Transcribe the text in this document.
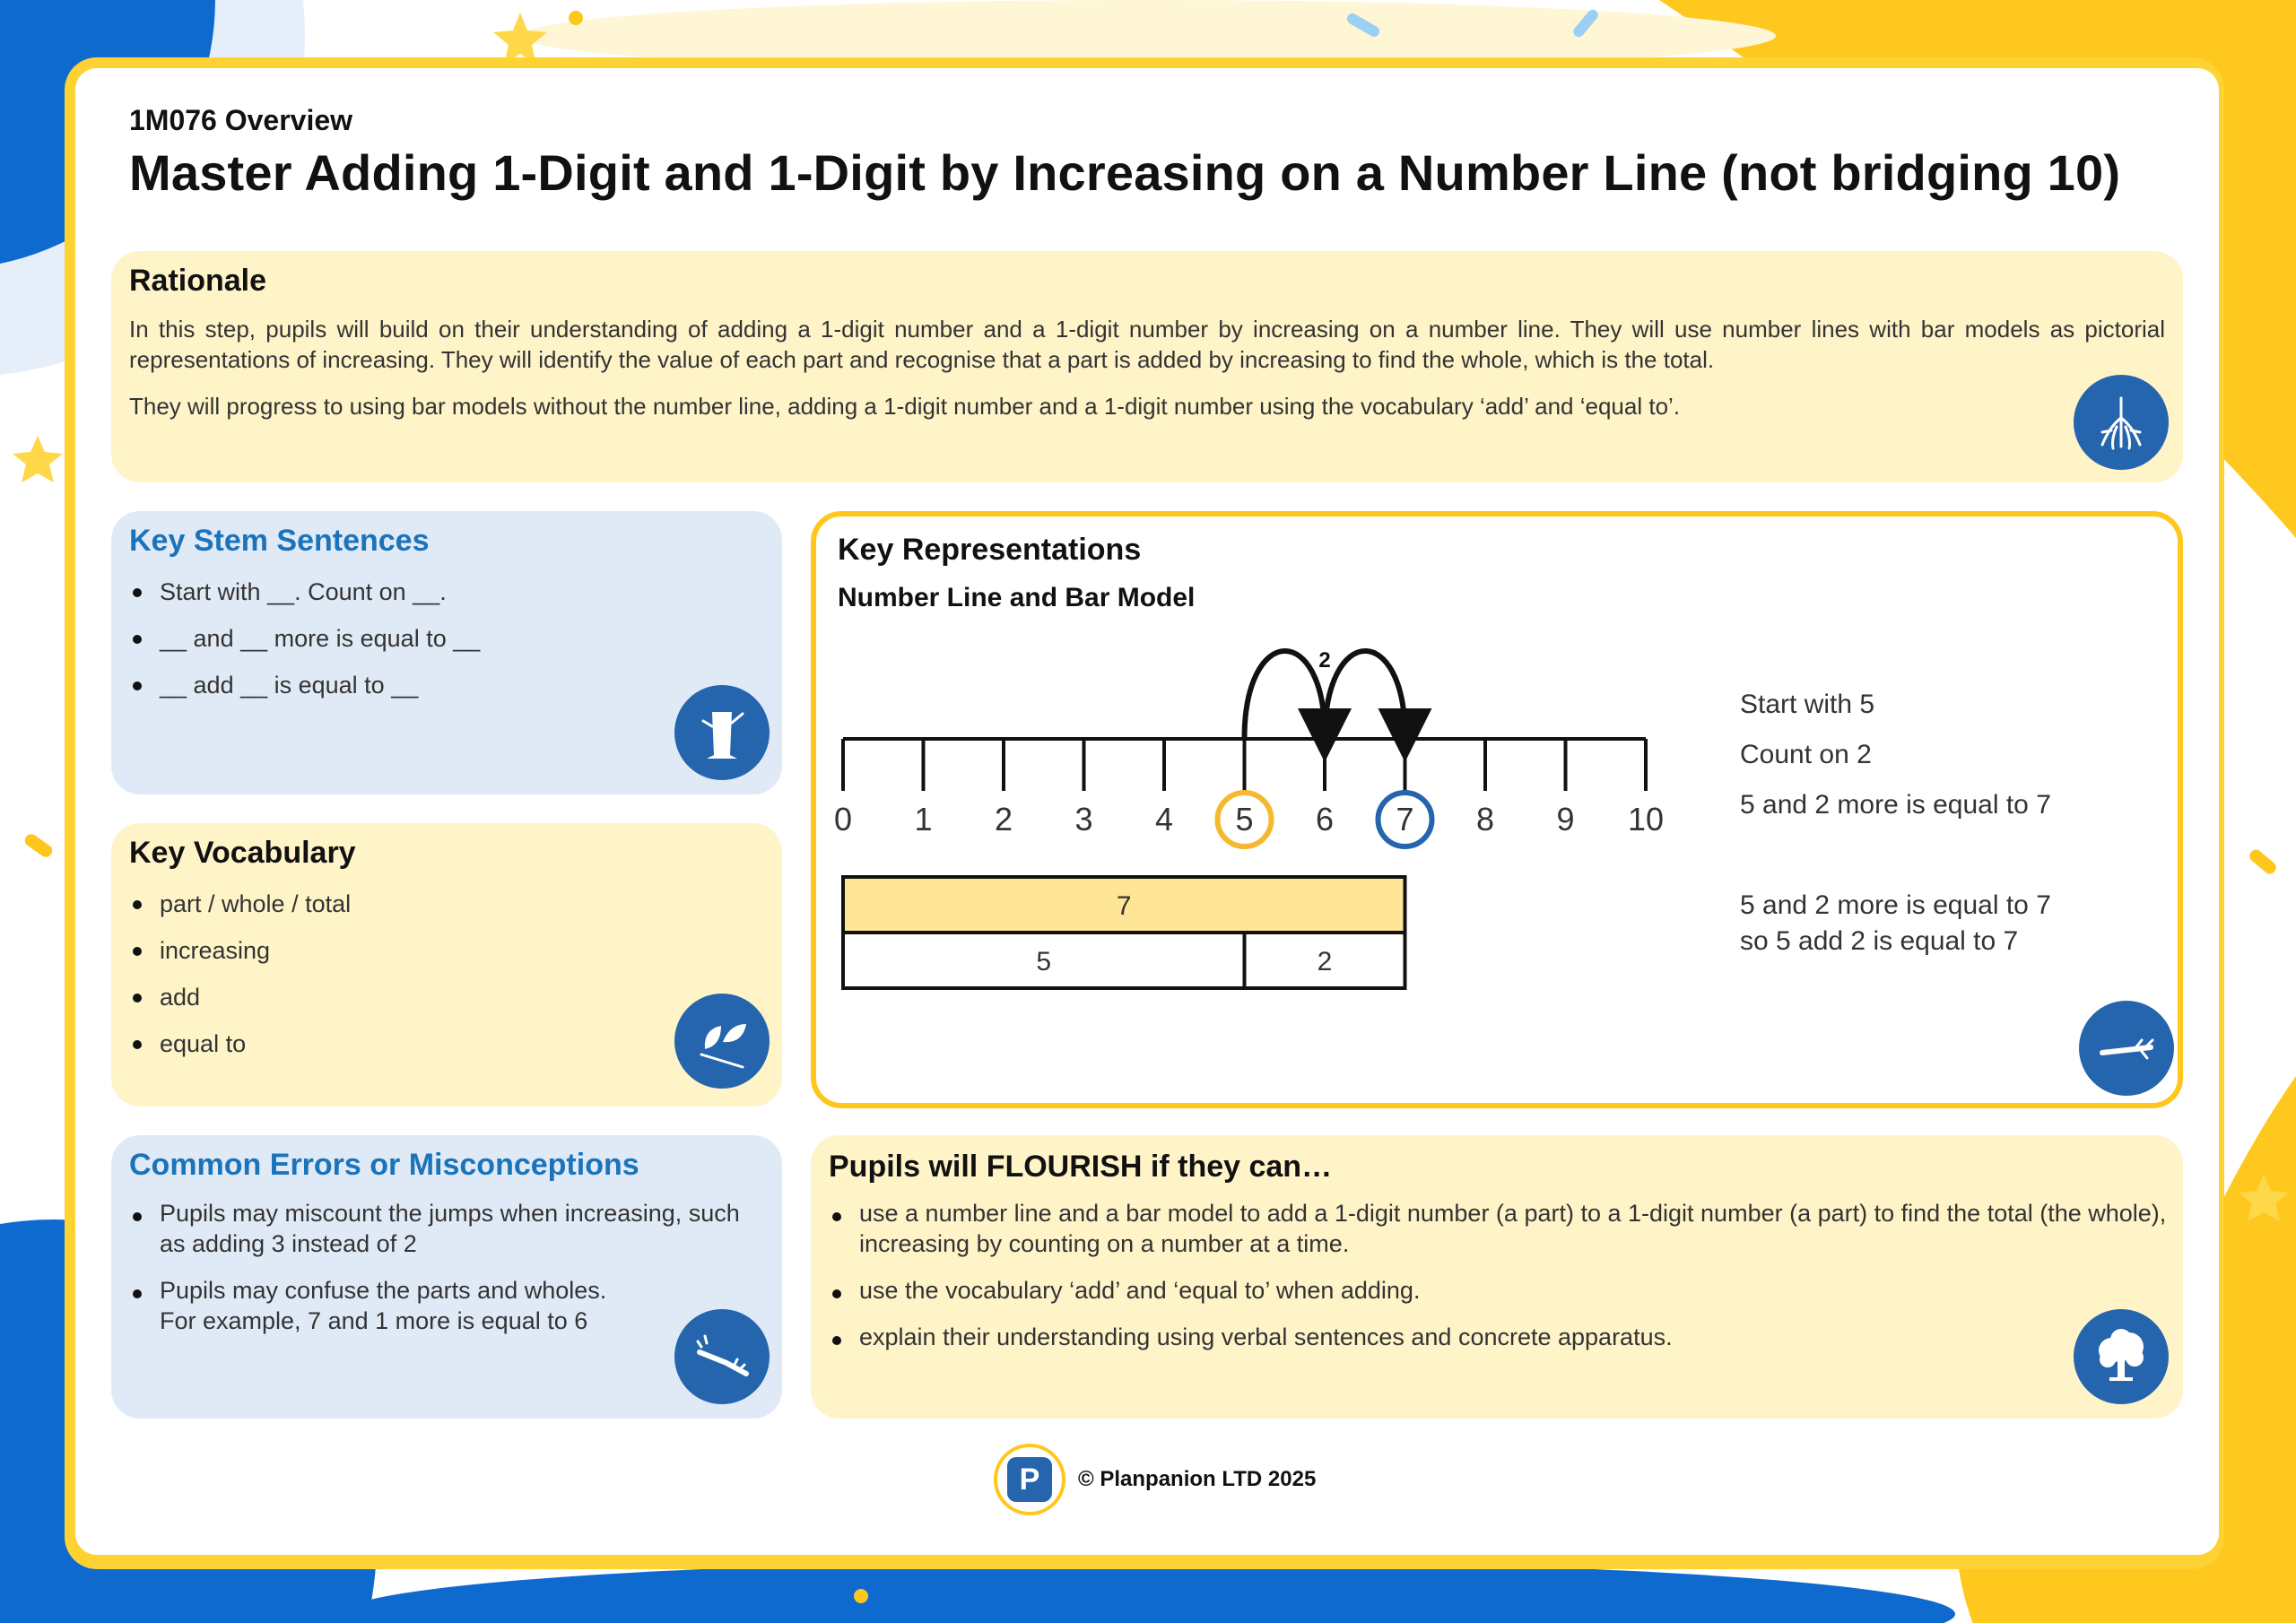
1M076 Overview
Master Adding 1-Digit and 1-Digit by Increasing on a Number Line (not bridging 10)
Rationale
In this step, pupils will build on their understanding of adding a 1-digit number and a 1-digit number by increasing on a number line. They will use number lines with bar models as pictorial representations of increasing. They will identify the value of each part and recognise that a part is added by increasing to find the whole, which is the total.
They will progress to using bar models without the number line, adding a 1-digit number and a 1-digit number using the vocabulary ‘add’ and ‘equal to’.
Key Stem Sentences
Start with __. Count on __.
__ and __ more is equal to __
__ add __ is equal to __
Key Vocabulary
part / whole / total
increasing
add
equal to
Common Errors or Misconceptions
Pupils may miscount the jumps when increasing, such as adding 3 instead of 2
Pupils may confuse the parts and wholes. For example, 7 and 1 more is equal to 6
Key Representations
Number Line and Bar Model
2
0 1 2 3 4 5 6 7 8 9 10
7
5	2
Start with 5
Count on 2
5 and 2 more is equal to 7
5 and 2 more is equal to 7
so 5 add 2 is equal to 7
Pupils will FLOURISH if they can…
use a number line and a bar model to add a 1-digit number (a part) to a 1-digit number (a part) to find the total (the whole), increasing by counting on a number at a time.
use the vocabulary ‘add’ and ‘equal to’ when adding.
explain their understanding using verbal sentences and concrete apparatus.
P	© Planpanion LTD 2025
